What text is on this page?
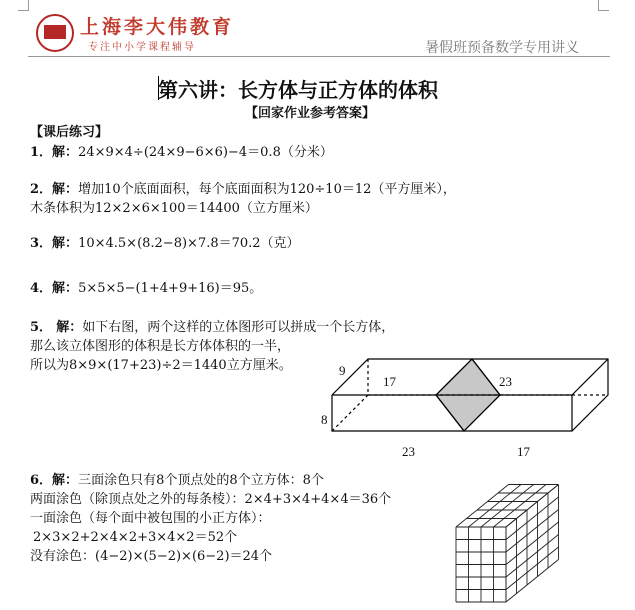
上海李大伟教育
专注中小学课程辅导	暑假班预备数学专用讲义
第六讲：长方体与正方体的体积
【回家作业参考答案】
【课后练习】
1．解：24×9×4÷(24×9−6×6)−4＝0.8（分米）
2．解：增加10个底面面积，每个底面面积为120÷10＝12（平方厘米），
木条体积为12×2×6×100＝14400（立方厘米）
3．解：10×4.5×(8.2−8)×7.8＝70.2（克）
4．解：5×5×5−(1+4+9+16)＝95。
5． 解：如下右图，两个这样的立体图形可以拼成一个长方体，
那么该立体图形的体积是长方体体积的一半，
所以为8×9×(17+23)÷2＝1440立方厘米。	9
17	23
8
23	17
6．解：三面涂色只有8个顶点处的8个立方体：8个
两面涂色（除顶点处之外的每条棱）：2×4+3×4+4×4＝36个
一面涂色（每个面中被包围的小正方体）：
2×3×2+2×4×2+3×4×2＝52个
没有涂色：(4−2)×(5−2)×(6−2)＝24个
